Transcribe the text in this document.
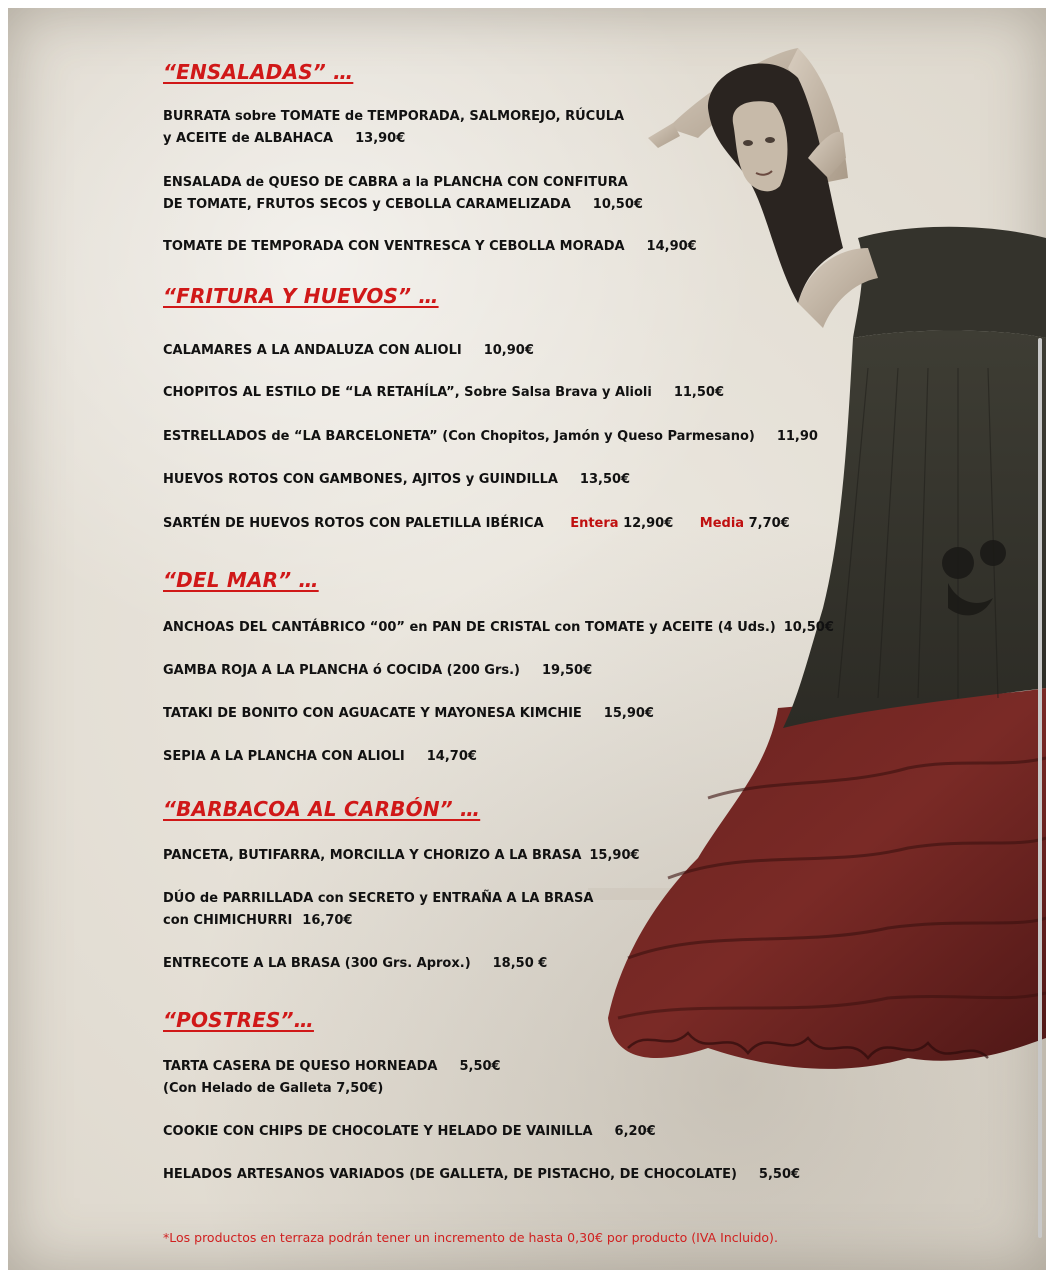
“ENSALADAS” …
BURRATA sobre TOMATE de TEMPORADA, SALMOREJO, RÚCULA
y ACEITE de ALBAHACA 13,90€
ENSALADA de QUESO DE CABRA a la PLANCHA CON CONFITURA
DE TOMATE, FRUTOS SECOS y CEBOLLA CARAMELIZADA 10,50€
TOMATE DE TEMPORADA CON VENTRESCA Y CEBOLLA MORADA 14,90€
“FRITURA Y HUEVOS” …
CALAMARES A LA ANDALUZA CON ALIOLI 10,90€
CHOPITOS AL ESTILO DE “LA RETAHÍLA”, Sobre Salsa Brava y Alioli 11,50€
ESTRELLADOS de “LA BARCELONETA” (Con Chopitos, Jamón y Queso Parmesano) 11,90
HUEVOS ROTOS CON GAMBONES, AJITOS y GUINDILLA 13,50€
SARTÉN DE HUEVOS ROTOS CON PALETILLA IBÉRICA Entera 12,90€ Media 7,70€
“DEL MAR” …
ANCHOAS DEL CANTÁBRICO “00” en PAN DE CRISTAL con TOMATE y ACEITE (4 Uds.) 10,50€
GAMBA ROJA A LA PLANCHA ó COCIDA (200 Grs.) 19,50€
TATAKI DE BONITO CON AGUACATE Y MAYONESA KIMCHIE 15,90€
SEPIA A LA PLANCHA CON ALIOLI 14,70€
“BARBACOA AL CARBÓN” …
PANCETA, BUTIFARRA, MORCILLA Y CHORIZO A LA BRASA 15,90€
DÚO de PARRILLADA con SECRETO y ENTRAÑA A LA BRASA
con CHIMICHURRI 16,70€
ENTRECOTE A LA BRASA (300 Grs. Aprox.) 18,50 €
“POSTRES”…
TARTA CASERA DE QUESO HORNEADA 5,50€
(Con Helado de Galleta 7,50€)
COOKIE CON CHIPS DE CHOCOLATE Y HELADO DE VAINILLA 6,20€
HELADOS ARTESANOS VARIADOS (DE GALLETA, DE PISTACHO, DE CHOCOLATE) 5,50€
*Los productos en terraza podrán tener un incremento de hasta 0,30€ por producto (IVA Incluido).
